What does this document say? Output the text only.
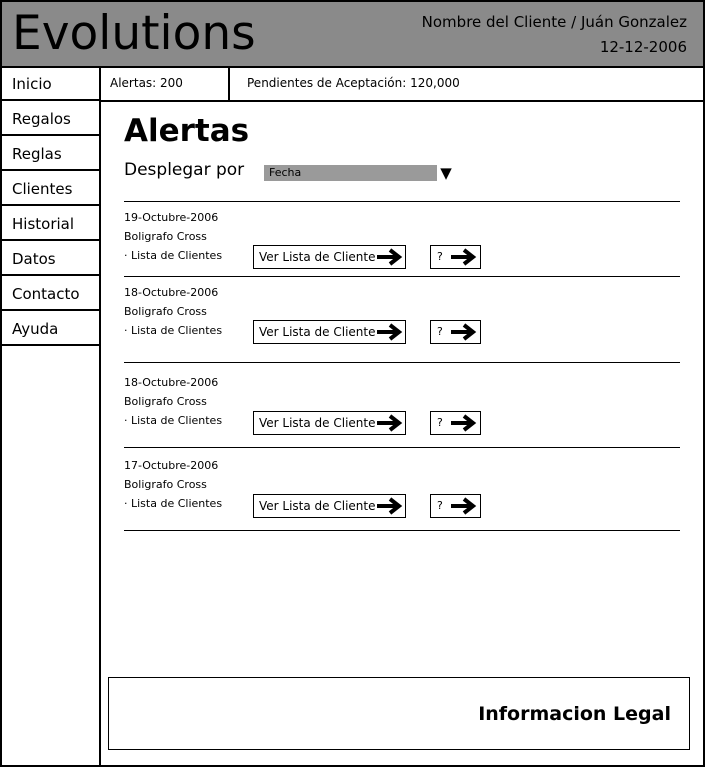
Evolutions	Nombre del Cliente / Juán Gonzalez
12-12-2006
Inicio
Regalos
Reglas
Clientes
Historial
Datos
Contacto
Ayuda
Alertas: 200	Pendientes de Aceptación: 120,000
Alertas
Desplegar por	Fecha	▼
19-Octubre-2006
Boligrafo Cross
· Lista de Clientes	Ver Lista de Cliente	?
18-Octubre-2006
Boligrafo Cross
· Lista de Clientes	Ver Lista de Cliente	?
18-Octubre-2006
Boligrafo Cross
· Lista de Clientes	Ver Lista de Cliente	?
17-Octubre-2006
Boligrafo Cross
· Lista de Clientes	Ver Lista de Cliente	?
Informacion Legal
